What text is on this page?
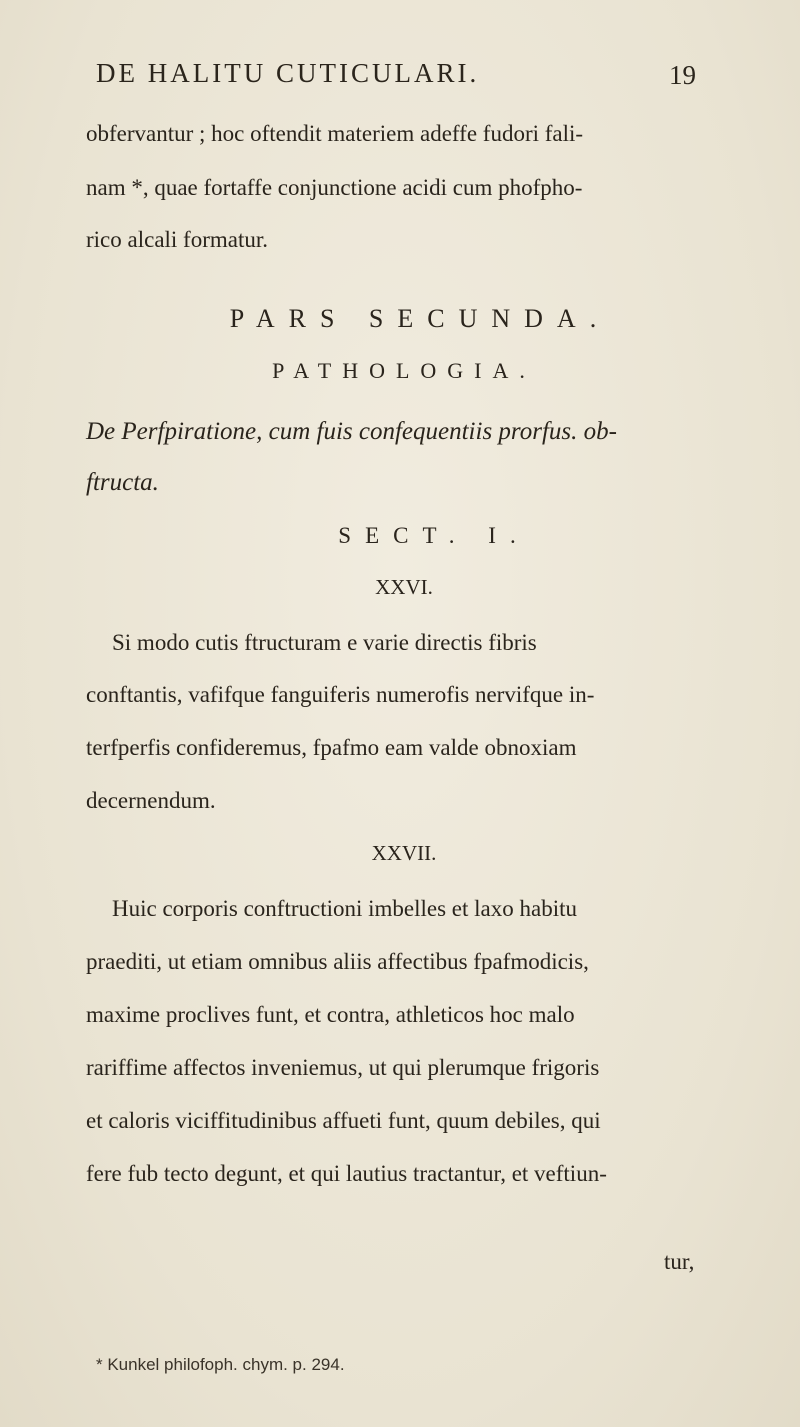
DE HALITU CUTICULARI.	19
obfervantur ; hoc oftendit materiem adeffe fudori fali-
nam *, quae fortaffe conjunctione acidi cum phofpho-
rico alcali formatur.
PARS SECUNDA.
PATHOLOGIA.
De Perfpiratione, cum fuis confequentiis prorfus. ob-
ftructa.
SECT. I.
XXVI.
Si modo cutis ftructuram e varie directis fibris
conftantis, vafifque fanguiferis numerofis nervifque in-
terfperfis confideremus, fpafmo eam valde obnoxiam
decernendum.
XXVII.
Huic corporis conftructioni imbelles et laxo habitu
praediti, ut etiam omnibus aliis affectibus fpafmodicis,
maxime proclives funt, et contra, athleticos hoc malo
rariffime affectos inveniemus, ut qui plerumque frigoris
et caloris viciffitudinibus affueti funt, quum debiles, qui
fere fub tecto degunt, et qui lautius tractantur, et veftiun-
tur,
* Kunkel philofoph. chym. p. 294.
